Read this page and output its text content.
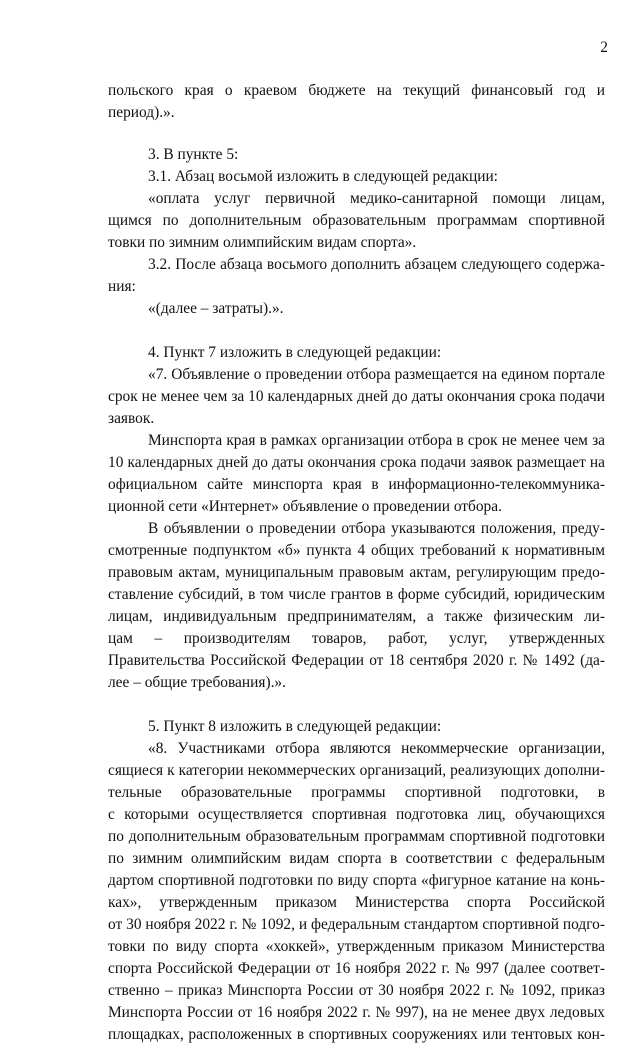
2
польского края о краевом бюджете на текущий финансовый год и
период).».
3. В пункте 5:
3.1. Абзац восьмой изложить в следующей редакции:
«оплата услуг первичной медико-санитарной помощи лицам,
щимся по дополнительным образовательным программам спортивной
товки по зимним олимпийским видам спорта».
3.2. После абзаца восьмого дополнить абзацем следующего содержа-
ния:
«(далее – затраты).».
4. Пункт 7 изложить в следующей редакции:
«7. Объявление о проведении отбора размещается на едином портале
срок не менее чем за 10 календарных дней до даты окончания срока подачи
заявок.
Минспорта края в рамках организации отбора в срок не менее чем за
10 календарных дней до даты окончания срока подачи заявок размещает на
официальном сайте минспорта края в информационно-телекоммуника-
ционной сети «Интернет» объявление о проведении отбора.
В объявлении о проведении отбора указываются положения, преду-
смотренные подпунктом «б» пункта 4 общих требований к нормативным
правовым актам, муниципальным правовым актам, регулирующим предо-
ставление субсидий, в том числе грантов в форме субсидий, юридическим
лицам, индивидуальным предпринимателям, а также физическим ли-
цам – производителям товаров, работ, услуг, утвержденных
Правительства Российской Федерации от 18 сентября 2020 г. № 1492 (да-
лее – общие требования).».
5. Пункт 8 изложить в следующей редакции:
«8. Участниками отбора являются некоммерческие организации,
сящиеся к категории некоммерческих организаций, реализующих дополни-
тельные образовательные программы спортивной подготовки, в
с которыми осуществляется спортивная подготовка лиц, обучающихся
по дополнительным образовательным программам спортивной подготовки
по зимним олимпийским видам спорта в соответствии с федеральным
дартом спортивной подготовки по виду спорта «фигурное катание на конь-
ках», утвержденным приказом Министерства спорта Российской
от 30 ноября 2022 г. № 1092, и федеральным стандартом спортивной подго-
товки по виду спорта «хоккей», утвержденным приказом Министерства
спорта Российской Федерации от 16 ноября 2022 г. № 997 (далее соответ-
ственно – приказ Минспорта России от 30 ноября 2022 г. № 1092, приказ
Минспорта России от 16 ноября 2022 г. № 997), на не менее двух ледовых
площадках, расположенных в спортивных сооружениях или тентовых кон-
